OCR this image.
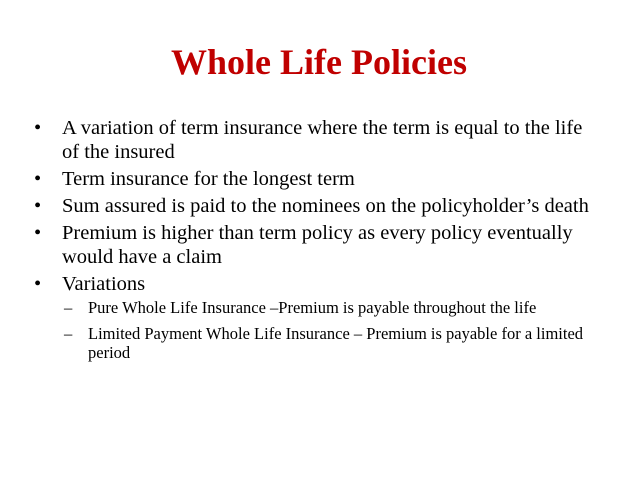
Whole Life Policies
• A variation of term insurance where the term is equal to the life of the insured
• Term insurance for the longest term
• Sum assured is paid to the nominees on the policyholder’s death
• Premium is higher than term policy as every policy eventually would have a claim
• Variations
– Pure Whole Life Insurance –Premium is payable throughout the life
– Limited Payment Whole Life Insurance – Premium is payable for a limited period
